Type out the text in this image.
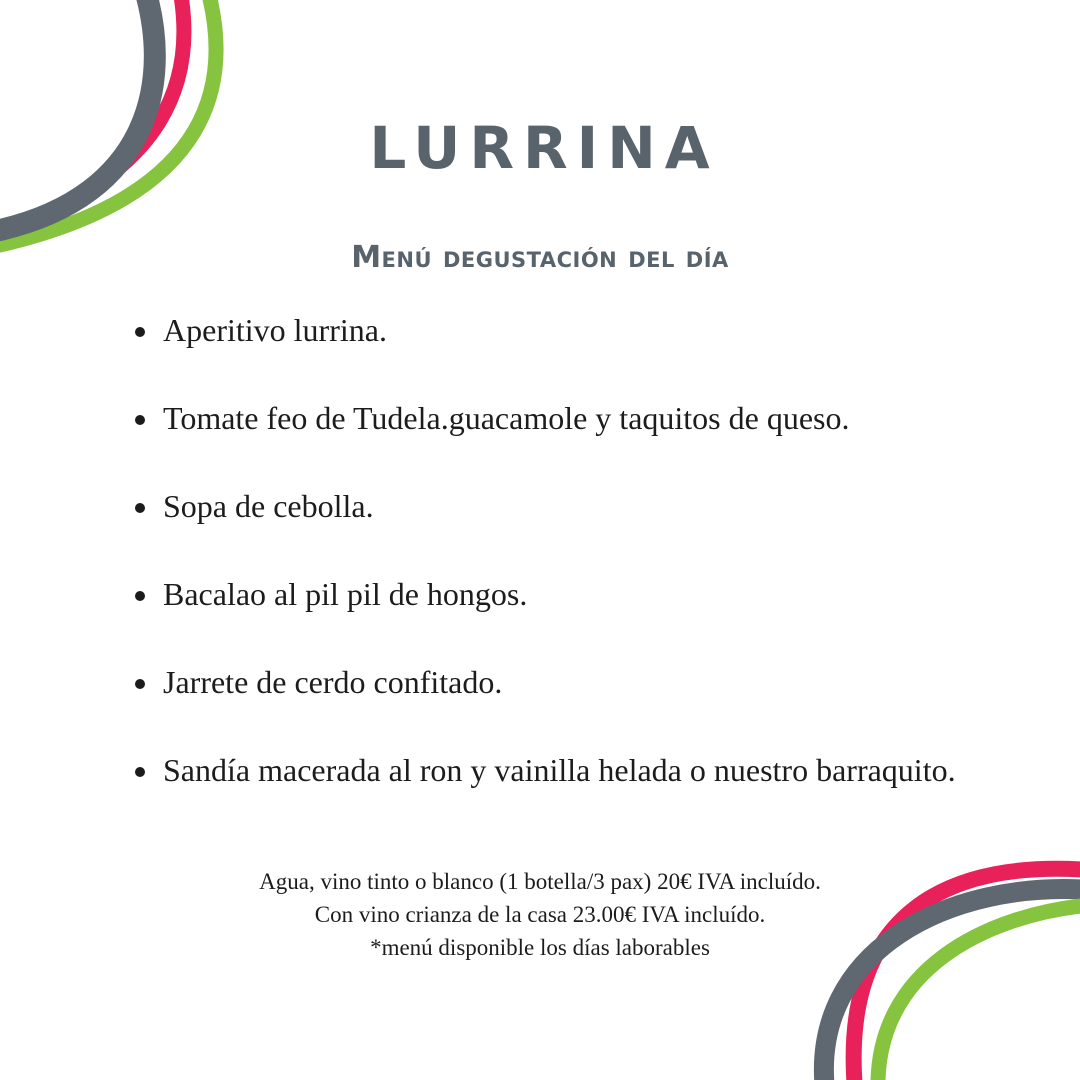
LURRINA
Menú degustación del día
Aperitivo lurrina.
Tomate feo de Tudela.guacamole y taquitos de queso.
Sopa de cebolla.
Bacalao al pil pil de hongos.
Jarrete de cerdo confitado.
Sandía macerada al ron y vainilla helada o nuestro barraquito.
Agua, vino tinto o blanco (1 botella/3 pax) 20€ IVA incluído.
Con vino crianza de la casa 23.00€ IVA incluído.
*menú disponible los días laborables
